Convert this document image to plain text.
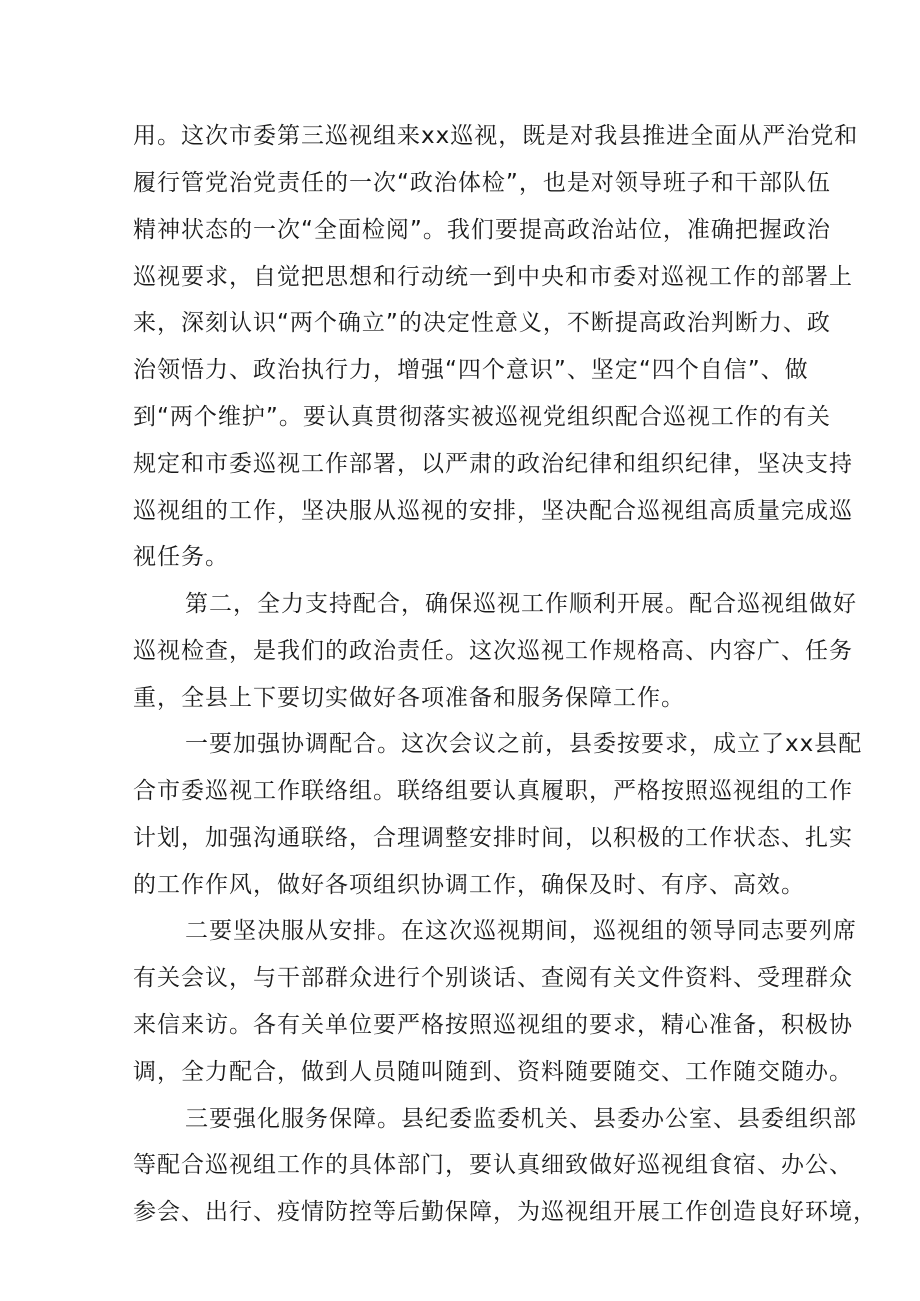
用。这次市委第三巡视组来xx巡视，既是对我县推进全面从严治党和
履行管党治党责任的一次“政治体检”，也是对领导班子和干部队伍
精神状态的一次“全面检阅”。我们要提高政治站位，准确把握政治
巡视要求，自觉把思想和行动统一到中央和市委对巡视工作的部署上
来，深刻认识“两个确立”的决定性意义，不断提高政治判断力、政
治领悟力、政治执行力，增强“四个意识”、坚定“四个自信”、做
到“两个维护”。要认真贯彻落实被巡视党组织配合巡视工作的有关
规定和市委巡视工作部署，以严肃的政治纪律和组织纪律，坚决支持
巡视组的工作，坚决服从巡视的安排，坚决配合巡视组高质量完成巡
视任务。
第二，全力支持配合，确保巡视工作顺利开展。配合巡视组做好
巡视检查，是我们的政治责任。这次巡视工作规格高、内容广、任务
重，全县上下要切实做好各项准备和服务保障工作。
一要加强协调配合。这次会议之前，县委按要求，成立了xx县配
合市委巡视工作联络组。联络组要认真履职，严格按照巡视组的工作
计划，加强沟通联络，合理调整安排时间，以积极的工作状态、扎实
的工作作风，做好各项组织协调工作，确保及时、有序、高效。
二要坚决服从安排。在这次巡视期间，巡视组的领导同志要列席
有关会议，与干部群众进行个别谈话、查阅有关文件资料、受理群众
来信来访。各有关单位要严格按照巡视组的要求，精心准备，积极协
调，全力配合，做到人员随叫随到、资料随要随交、工作随交随办。
三要强化服务保障。县纪委监委机关、县委办公室、县委组织部
等配合巡视组工作的具体部门，要认真细致做好巡视组食宿、办公、
参会、出行、疫情防控等后勤保障，为巡视组开展工作创造良好环境，
